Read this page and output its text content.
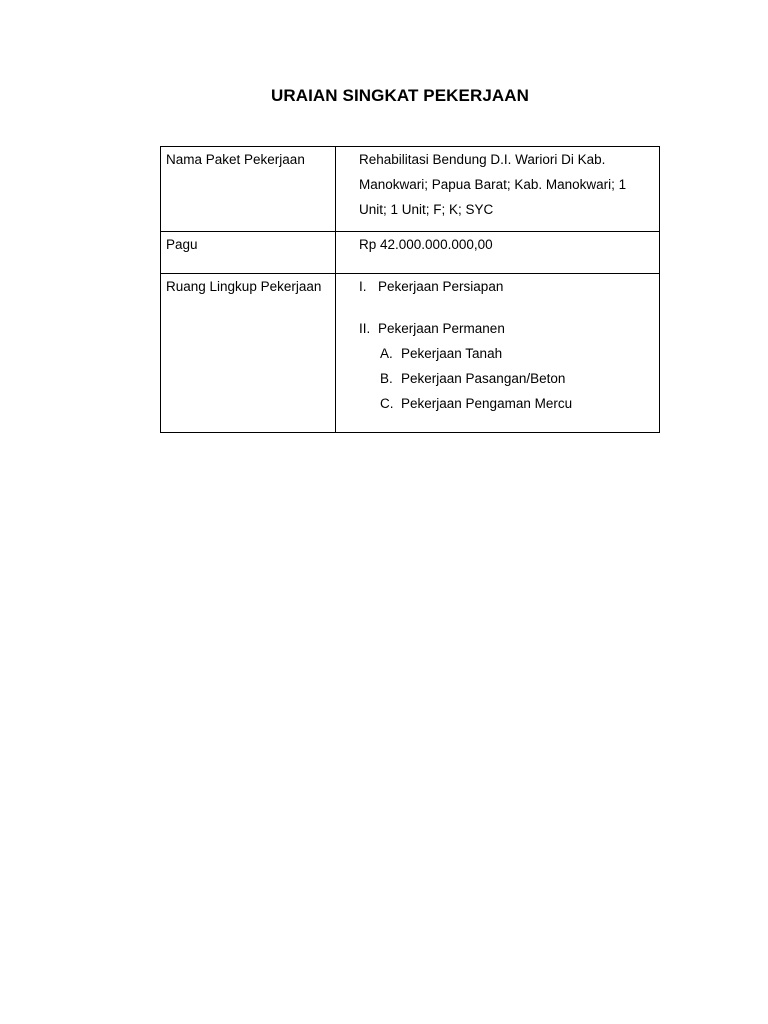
URAIAN SINGKAT PEKERJAAN
Nama Paket Pekerjaan	Rehabilitasi Bendung D.I. Wariori Di Kab. Manokwari; Papua Barat; Kab. Manokwari; 1 Unit; 1 Unit; F; K; SYC
Pagu	Rp 42.000.000.000,00
Ruang Lingkup Pekerjaan	I. Pekerjaan Persiapan
II. Pekerjaan Permanen
A. Pekerjaan Tanah
B. Pekerjaan Pasangan/Beton
C. Pekerjaan Pengaman Mercu
